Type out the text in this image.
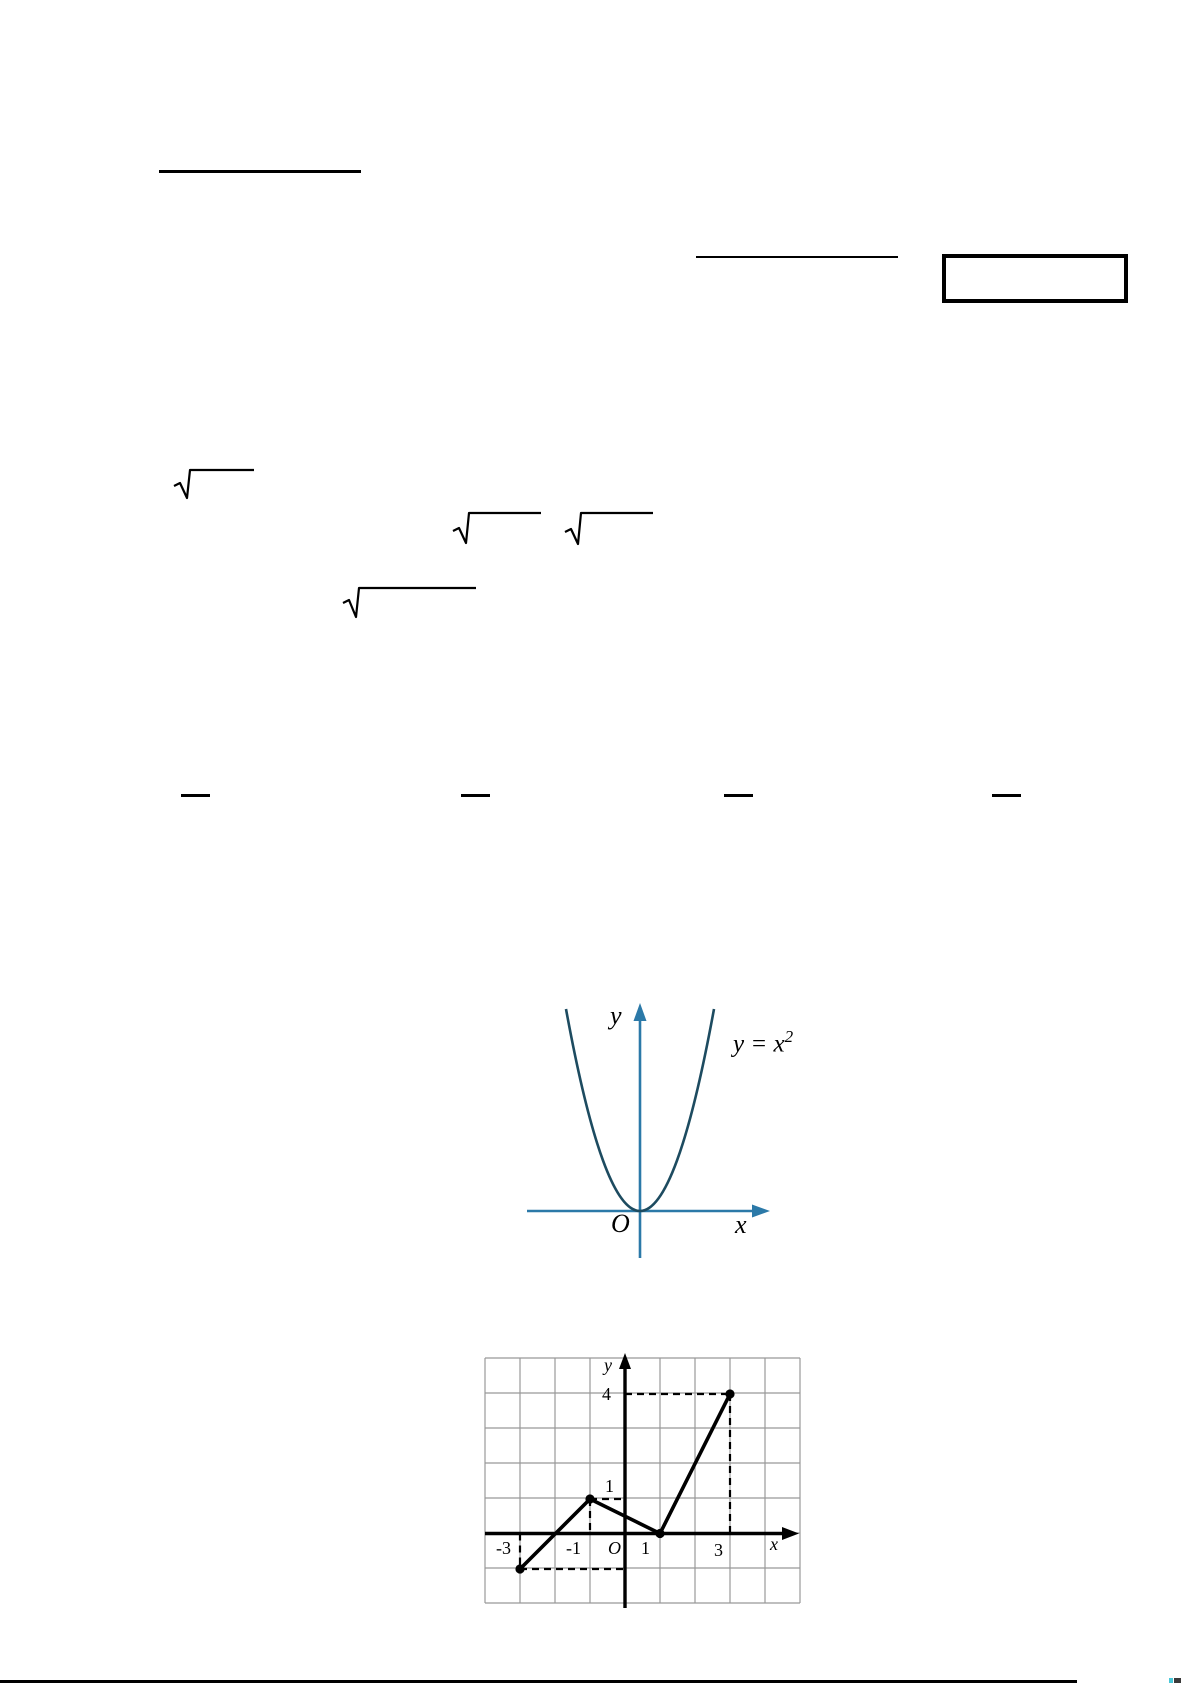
y
$y = x^2$
O	x
y
4
1
-3	-1 O 1	3	x
